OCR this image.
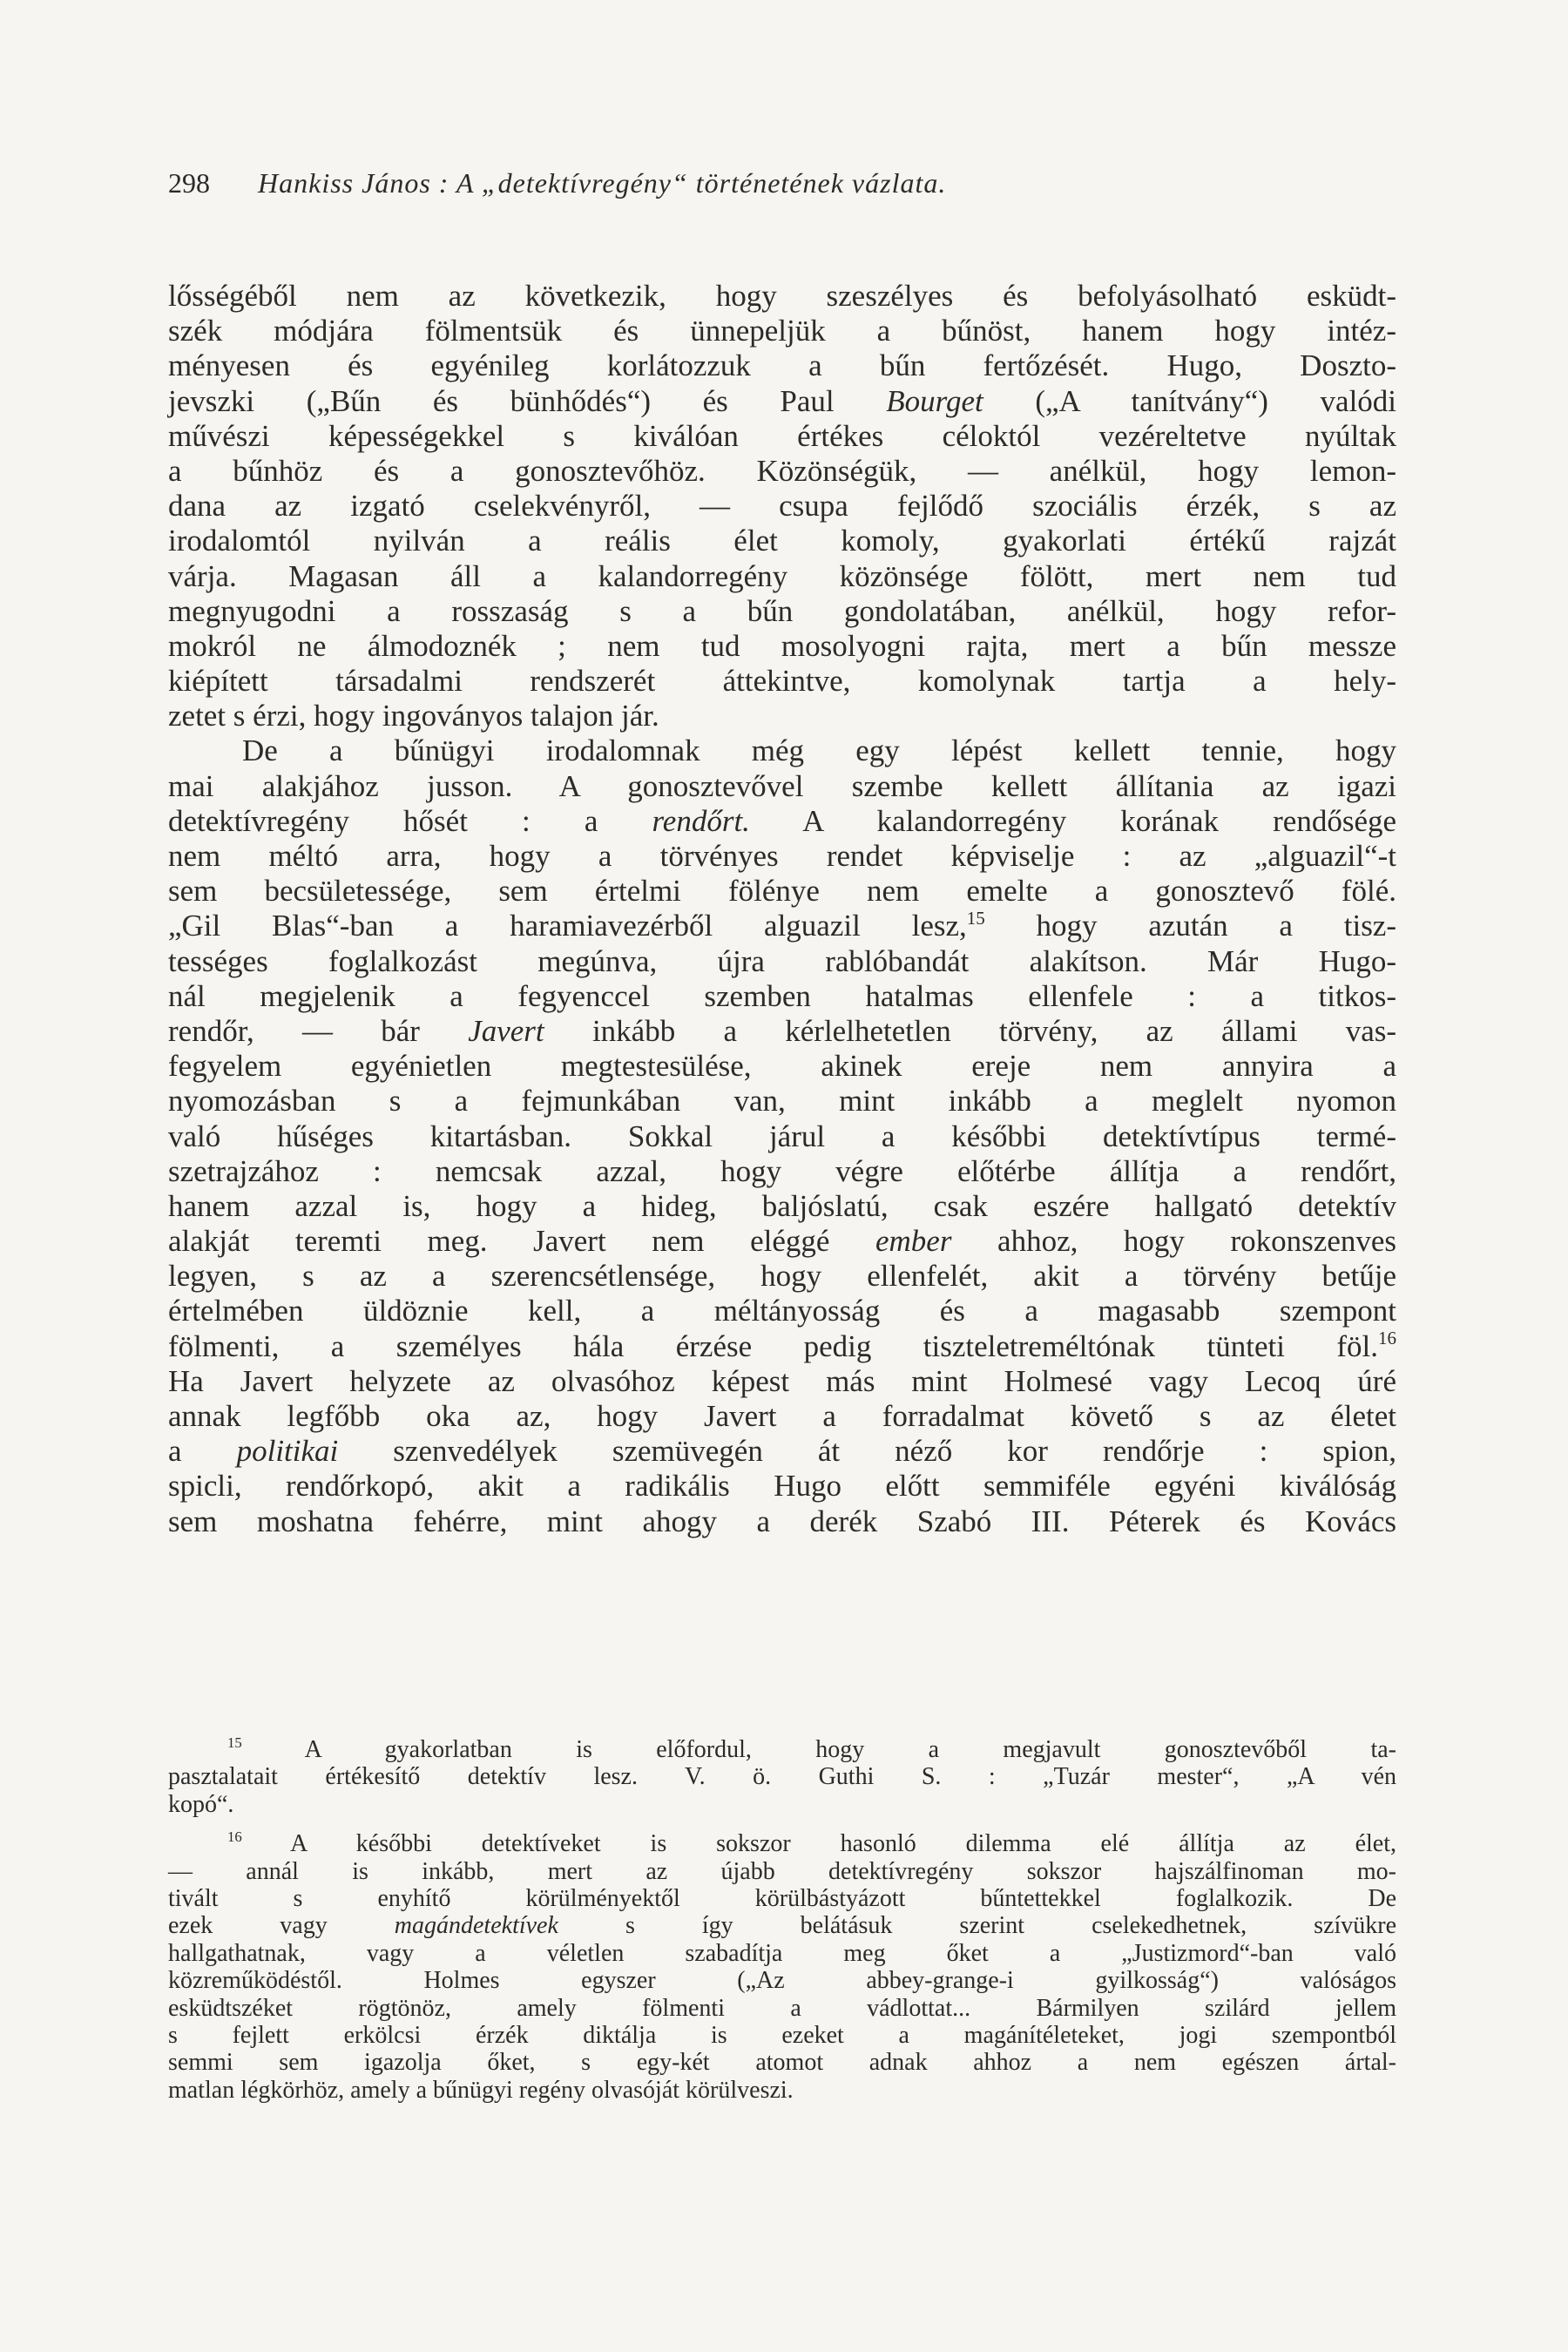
298 Hankiss János : A „detektívregény“ történetének vázlata.
lősségéből nem az következik, hogy szeszélyes és befolyásolható esküdt-
szék módjára fölmentsük és ünnepeljük a bűnöst, hanem hogy intéz-
ményesen és egyénileg korlátozzuk a bűn fertőzését. Hugo, Doszto-
jevszki („Bűn és bünhődés“) és Paul Bourget („A tanítvány“) valódi
művészi képességekkel s kiválóan értékes céloktól vezéreltetve nyúltak
a bűnhöz és a gonosztevőhöz. Közönségük, — anélkül, hogy lemon-
dana az izgató cselekvényről, — csupa fejlődő szociális érzék, s az
irodalomtól nyilván a reális élet komoly, gyakorlati értékű rajzát
várja. Magasan áll a kalandorregény közönsége fölött, mert nem tud
megnyugodni a rosszaság s a bűn gondolatában, anélkül, hogy refor-
mokról ne álmodoznék ; nem tud mosolyogni rajta, mert a bűn messze
kiépített társadalmi rendszerét áttekintve, komolynak tartja a hely-
zetet s érzi, hogy ingoványos talajon jár.
De a bűnügyi irodalomnak még egy lépést kellett tennie, hogy
mai alakjához jusson. A gonosztevővel szembe kellett állítania az igazi
detektívregény hősét : a rendőrt. A kalandorregény korának rendősége
nem méltó arra, hogy a törvényes rendet képviselje : az „alguazil“-t
sem becsületessége, sem értelmi fölénye nem emelte a gonosztevő fölé.
„Gil Blas“-ban a haramiavezérből alguazil lesz,$^{15}$ hogy azután a tisz-
tességes foglalkozást megúnva, újra rablóbandát alakítson. Már Hugo-
nál megjelenik a fegyenccel szemben hatalmas ellenfele : a titkos-
rendőr, — bár Javert inkább a kérlelhetetlen törvény, az állami vas-
fegyelem egyénietlen megtestesülése, akinek ereje nem annyira a
nyomozásban s a fejmunkában van, mint inkább a meglelt nyomon
való hűséges kitartásban. Sokkal járul a későbbi detektívtípus termé-
szetrajzához : nemcsak azzal, hogy végre előtérbe állítja a rendőrt,
hanem azzal is, hogy a hideg, baljóslatú, csak eszére hallgató detektív
alakját teremti meg. Javert nem eléggé ember ahhoz, hogy rokonszenves
legyen, s az a szerencsétlensége, hogy ellenfelét, akit a törvény betűje
értelmében üldöznie kell, a méltányosság és a magasabb szempont
fölmenti, a személyes hála érzése pedig tiszteletreméltónak tünteti föl.$^{16}$
Ha Javert helyzete az olvasóhoz képest más mint Holmesé vagy Lecoq úré
annak legfőbb oka az, hogy Javert a forradalmat követő s az életet
a politikai szenvedélyek szemüvegén át néző kor rendőrje : spion,
spicli, rendőrkopó, akit a radikális Hugo előtt semmiféle egyéni kiválóság
sem moshatna fehérre, mint ahogy a derék Szabó III. Péterek és Kovács
$^{15}$	A gyakorlatban is előfordul, hogy a megjavult gonosztevőből ta-
pasztalatait értékesítő detektív lesz. V. ö. Guthi S. : „Tuzár mester“, „A vén
kopó“.
$^{16}$ A későbbi detektíveket is sokszor hasonló dilemma elé állítja az élet,
— annál is inkább, mert az újabb detektívregény sokszor hajszálfinoman mo-
tivált s enyhítő körülményektől körülbástyázott bűntettekkel foglalkozik. De
ezek vagy	magándetektívek	s így belátásuk szerint cselekedhetnek, szívükre
hallgathatnak, vagy a véletlen szabadítja meg őket a „Justizmord“-ban való
közreműködéstől. Holmes egyszer („Az abbey-grange-i gyilkosság“) valóságos
esküdtszéket rögtönöz, amely fölmenti a vádlottat... Bármilyen szilárd jellem
s fejlett erkölcsi érzék diktálja is ezeket a magánítéleteket, jogi szempontból
semmi sem igazolja őket, s egy-két atomot adnak ahhoz a nem egészen ártal-
matlan légkörhöz, amely a bűnügyi regény olvasóját körülveszi.
